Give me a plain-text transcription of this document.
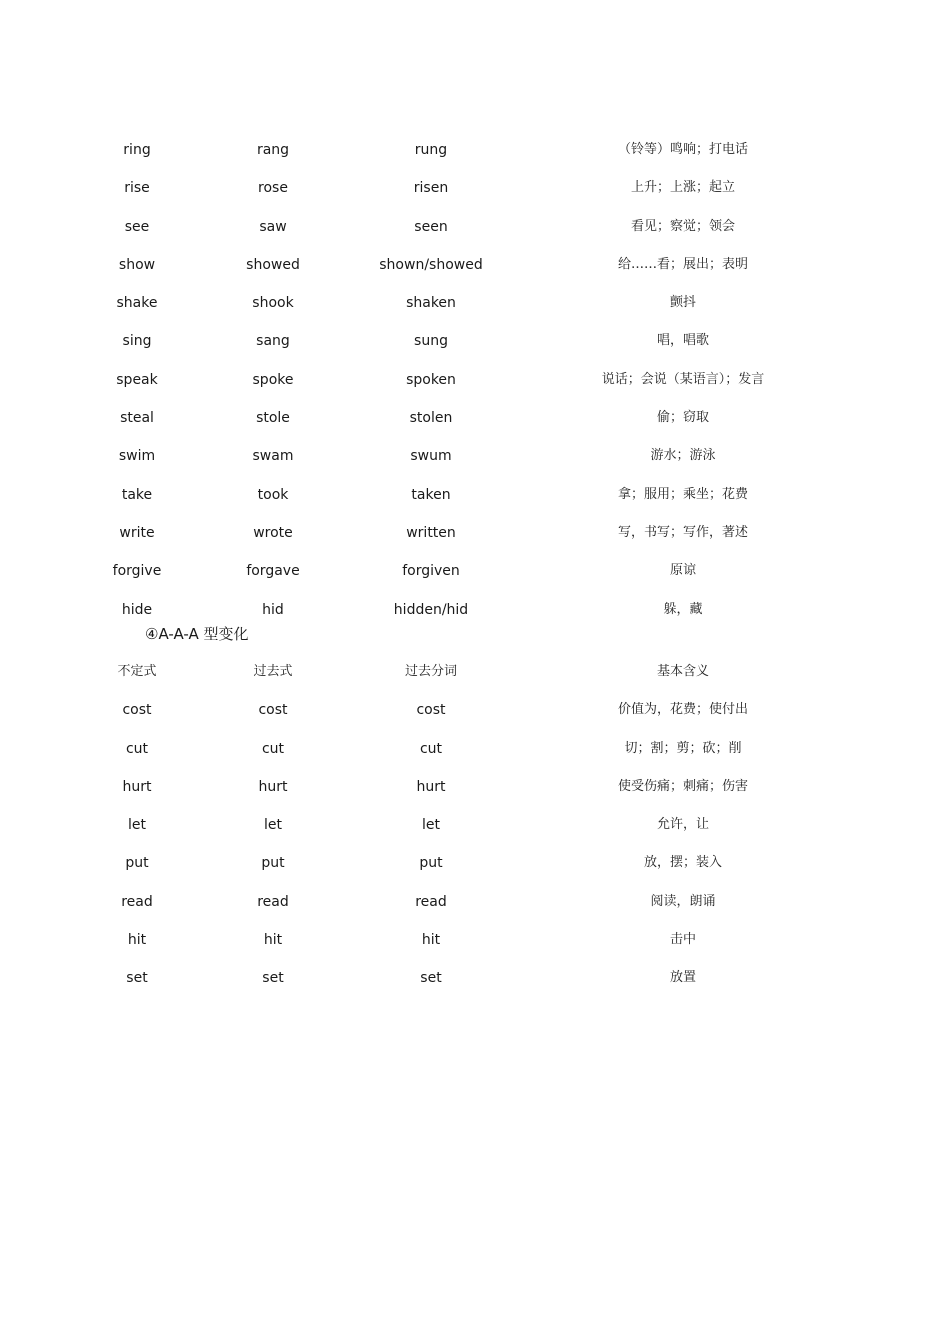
ring	rang	rung	（铃等）鸣响；打电话
rise	rose	risen	上升；上涨；起立
see	saw	seen	看见；察觉；领会
show	showed	shown/showed	给……看；展出；表明
shake	shook	shaken	颤抖
sing	sang	sung	唱，唱歌
speak	spoke	spoken	说话；会说（某语言）；发言
steal	stole	stolen	偷；窃取
swim	swam	swum	游水；游泳
take	took	taken	拿；服用；乘坐；花费
write	wrote	written	写，书写；写作，著述
forgive	forgave	forgiven	原谅
hide	hid	hidden/hid	躲，藏
④A-A-A 型变化
不定式	过去式	过去分词	基本含义
cost	cost	cost	价值为，花费；使付出
cut	cut	cut	切；割；剪；砍；削
hurt	hurt	hurt	使受伤痛；刺痛；伤害
let	let	let	允许，让
put	put	put	放，摆；装入
read	read	read	阅读，朗诵
hit	hit	hit	击中
set	set	set	放置
